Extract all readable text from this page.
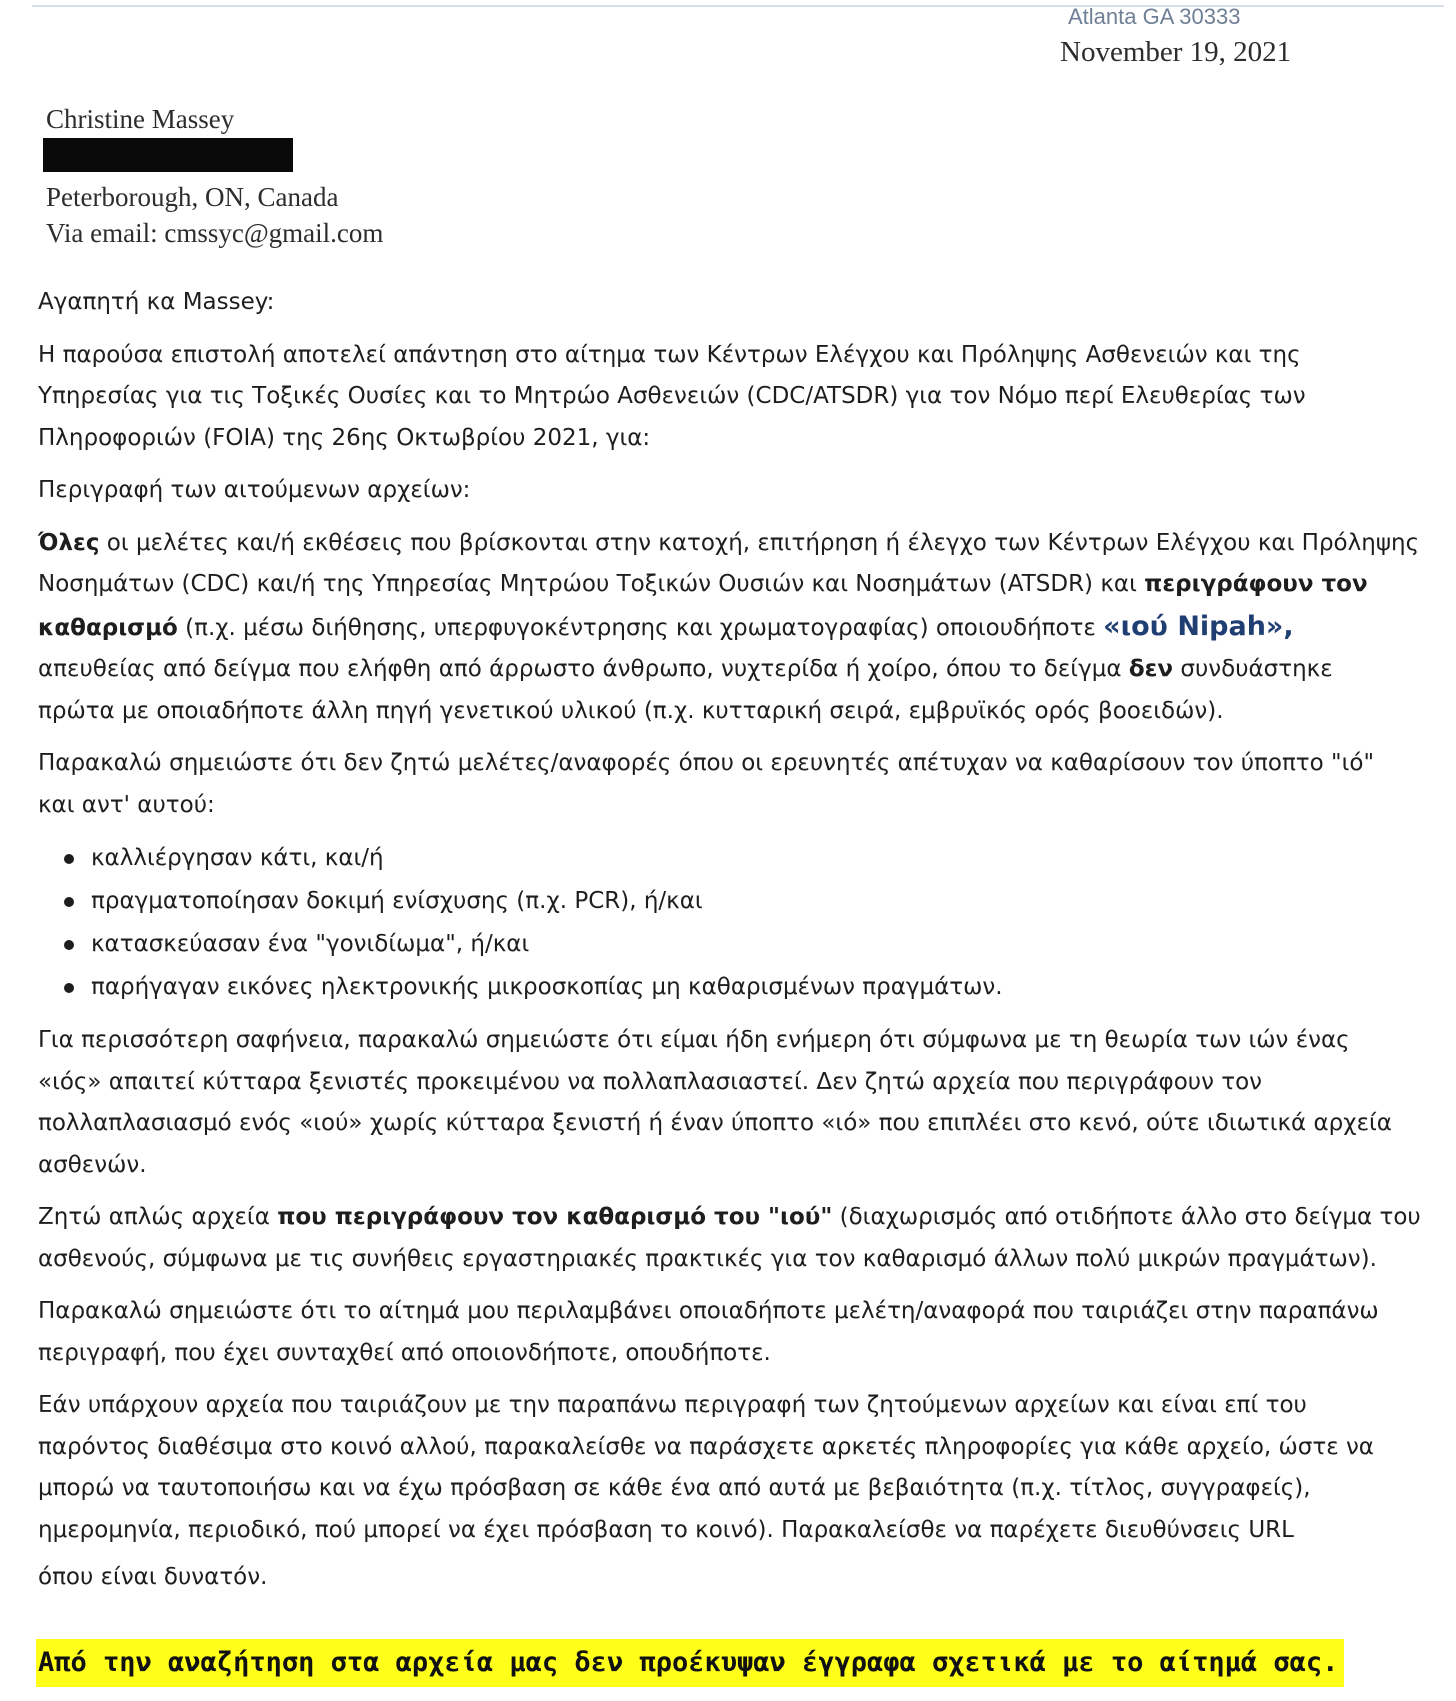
Atlanta GA 30333
November 19, 2021
Christine Massey
Peterborough, ON, Canada
Via email: cmssyc@gmail.com

Αγαπητή κα Massey:

Η παρούσα επιστολή αποτελεί απάντηση στο αίτημα των Κέντρων Ελέγχου και Πρόληψης Ασθενειών και της
Υπηρεσίας για τις Τοξικές Ουσίες και το Μητρώο Ασθενειών (CDC/ATSDR) για τον Νόμο περί Ελευθερίας των
Πληροφοριών (FOIA) της 26ης Οκτωβρίου 2021, για:

Περιγραφή των αιτούμενων αρχείων:

Όλες οι μελέτες και/ή εκθέσεις που βρίσκονται στην κατοχή, επιτήρηση ή έλεγχο των Κέντρων Ελέγχου και Πρόληψης
Νοσημάτων (CDC) και/ή της Υπηρεσίας Μητρώου Τοξικών Ουσιών και Νοσημάτων (ATSDR) και περιγράφουν τον
καθαρισμό (π.χ. μέσω διήθησης, υπερφυγοκέντρησης και χρωματογραφίας) οποιουδήποτε «ιού Nipah»,
απευθείας από δείγμα που ελήφθη από άρρωστο άνθρωπο, νυχτερίδα ή χοίρο, όπου το δείγμα δεν συνδυάστηκε
πρώτα με οποιαδήποτε άλλη πηγή γενετικού υλικού (π.χ. κυτταρική σειρά, εμβρυϊκός ορός βοοειδών).

Παρακαλώ σημειώστε ότι δεν ζητώ μελέτες/αναφορές όπου οι ερευνητές απέτυχαν να καθαρίσουν τον ύποπτο "ιό"
και αντ' αυτού:

καλλιέργησαν κάτι, και/ή
πραγματοποίησαν δοκιμή ενίσχυσης (π.χ. PCR), ή/και
κατασκεύασαν ένα "γονιδίωμα", ή/και
παρήγαγαν εικόνες ηλεκτρονικής μικροσκοπίας μη καθαρισμένων πραγμάτων.

Για περισσότερη σαφήνεια, παρακαλώ σημειώστε ότι είμαι ήδη ενήμερη ότι σύμφωνα με τη θεωρία των ιών ένας
«ιός» απαιτεί κύτταρα ξενιστές προκειμένου να πολλαπλασιαστεί. Δεν ζητώ αρχεία που περιγράφουν τον
πολλαπλασιασμό ενός «ιού» χωρίς κύτταρα ξενιστή ή έναν ύποπτο «ιό» που επιπλέει στο κενό, ούτε ιδιωτικά αρχεία
ασθενών.

Ζητώ απλώς αρχεία που περιγράφουν τον καθαρισμό του "ιού" (διαχωρισμός από οτιδήποτε άλλο στο δείγμα του
ασθενούς, σύμφωνα με τις συνήθεις εργαστηριακές πρακτικές για τον καθαρισμό άλλων πολύ μικρών πραγμάτων).

Παρακαλώ σημειώστε ότι το αίτημά μου περιλαμβάνει οποιαδήποτε μελέτη/αναφορά που ταιριάζει στην παραπάνω
περιγραφή, που έχει συνταχθεί από οποιονδήποτε, οπουδήποτε.

Εάν υπάρχουν αρχεία που ταιριάζουν με την παραπάνω περιγραφή των ζητούμενων αρχείων και είναι επί του
παρόντος διαθέσιμα στο κοινό αλλού, παρακαλείσθε να παράσχετε αρκετές πληροφορίες για κάθε αρχείο, ώστε να
μπορώ να ταυτοποιήσω και να έχω πρόσβαση σε κάθε ένα από αυτά με βεβαιότητα (π.χ. τίτλος, συγγραφείς),
ημερομηνία, περιοδικό, πού μπορεί να έχει πρόσβαση το κοινό). Παρακαλείσθε να παρέχετε διευθύνσεις URL
όπου είναι δυνατόν.

Από την αναζήτηση στα αρχεία μας δεν προέκυψαν έγγραφα σχετικά με το αίτημά σας.
